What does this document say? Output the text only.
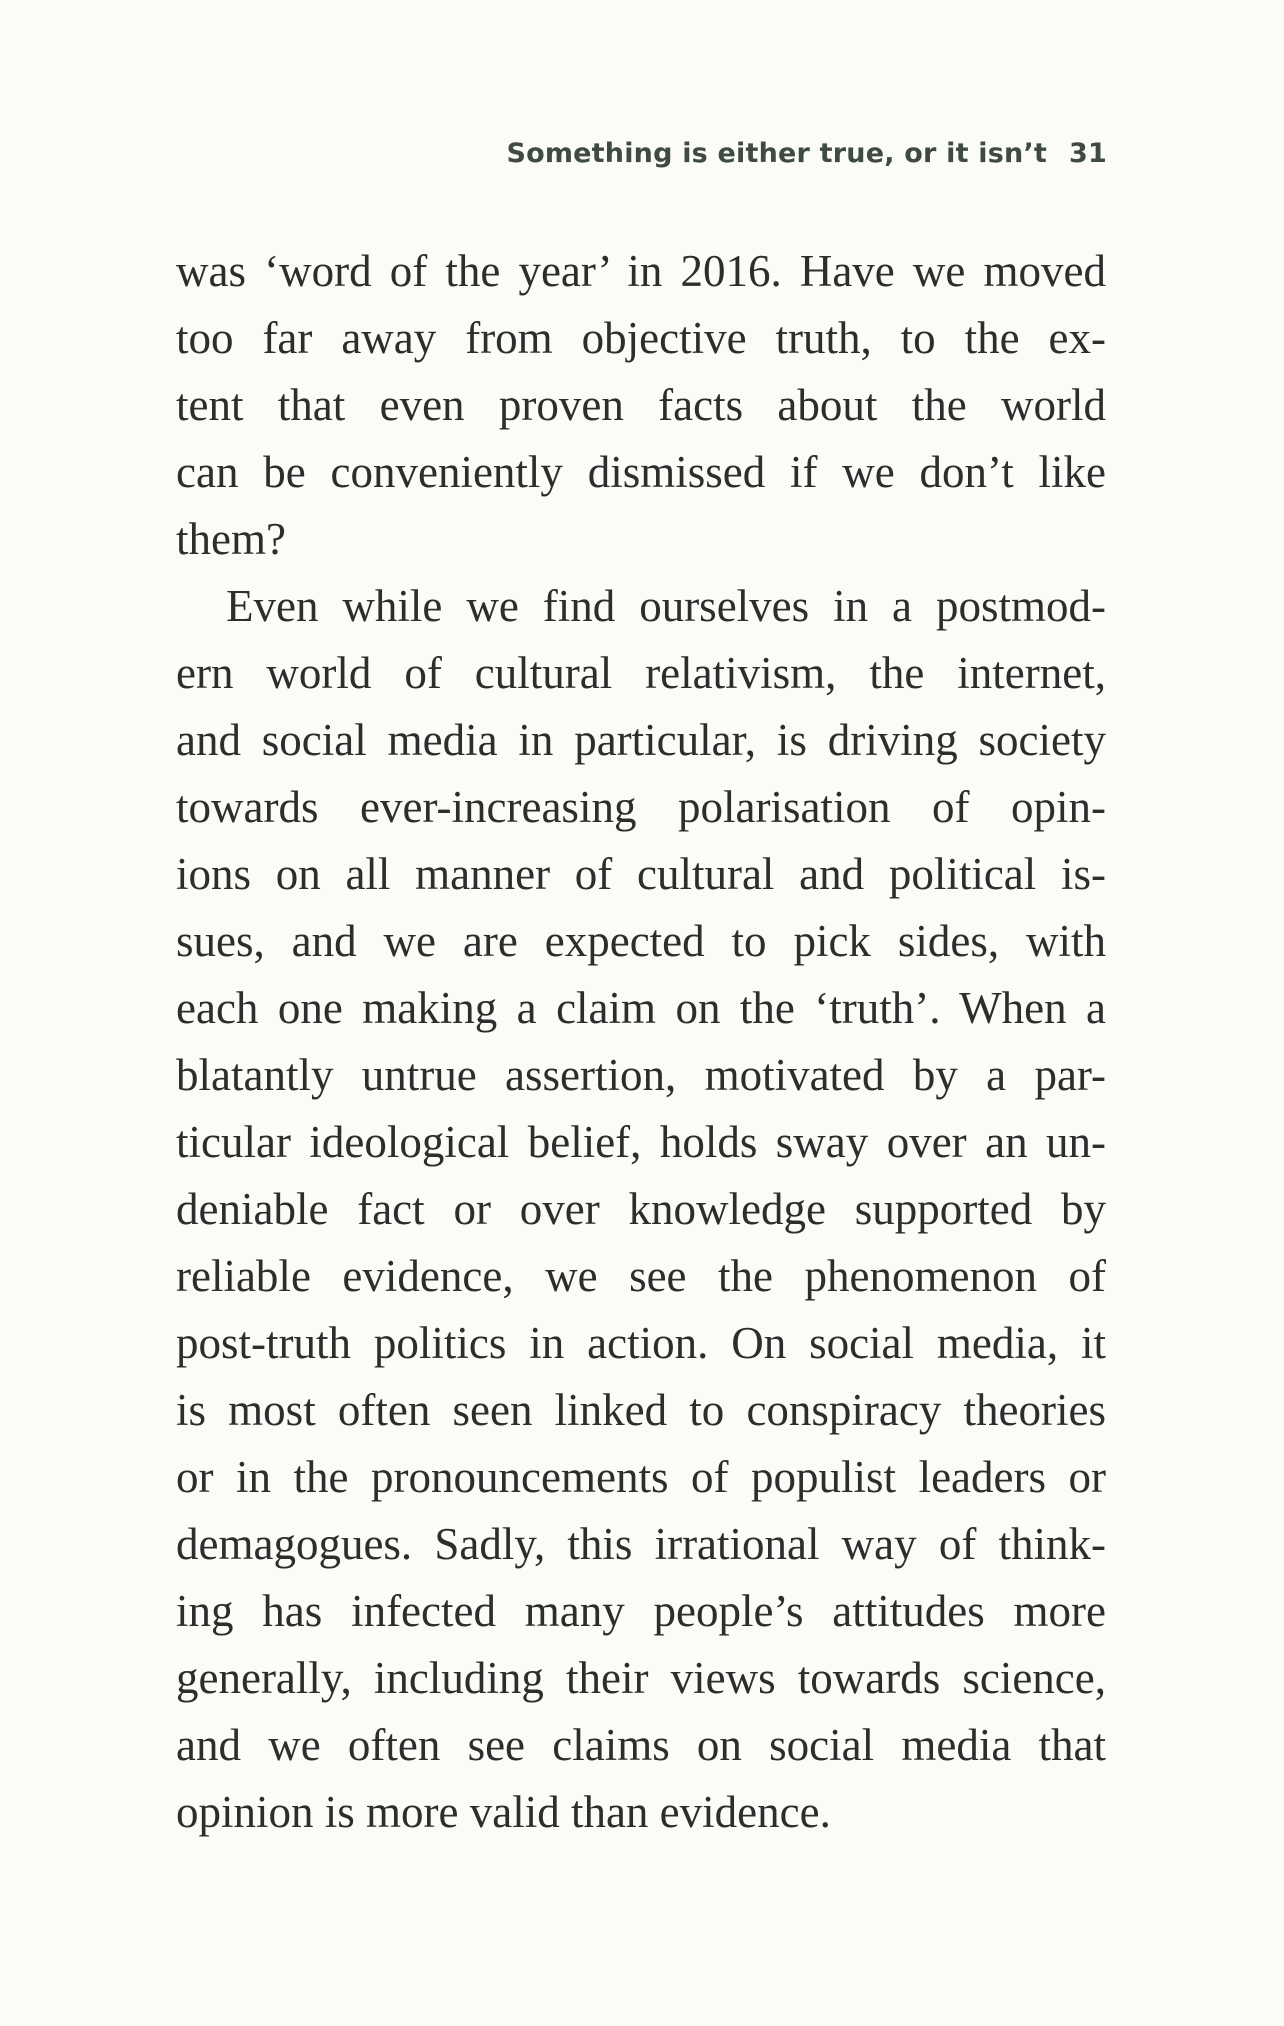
Something is either true, or it isn’t 31
was ‘word of the year’ in 2016. Have we moved
too far away from objective truth, to the ex-
tent that even proven facts about the world
can be conveniently dismissed if we don’t like
them?
Even while we find ourselves in a postmod-
ern world of cultural relativism, the internet,
and social media in particular, is driving society
towards ever-increasing polarisation of opin-
ions on all manner of cultural and political is-
sues, and we are expected to pick sides, with
each one making a claim on the ‘truth’. When a
blatantly untrue assertion, motivated by a par-
ticular ideological belief, holds sway over an un-
deniable fact or over knowledge supported by
reliable evidence, we see the phenomenon of
post-truth politics in action. On social media, it
is most often seen linked to conspiracy theories
or in the pronouncements of populist leaders or
demagogues. Sadly, this irrational way of think-
ing has infected many people’s attitudes more
generally, including their views towards science,
and we often see claims on social media that
opinion is more valid than evidence.
